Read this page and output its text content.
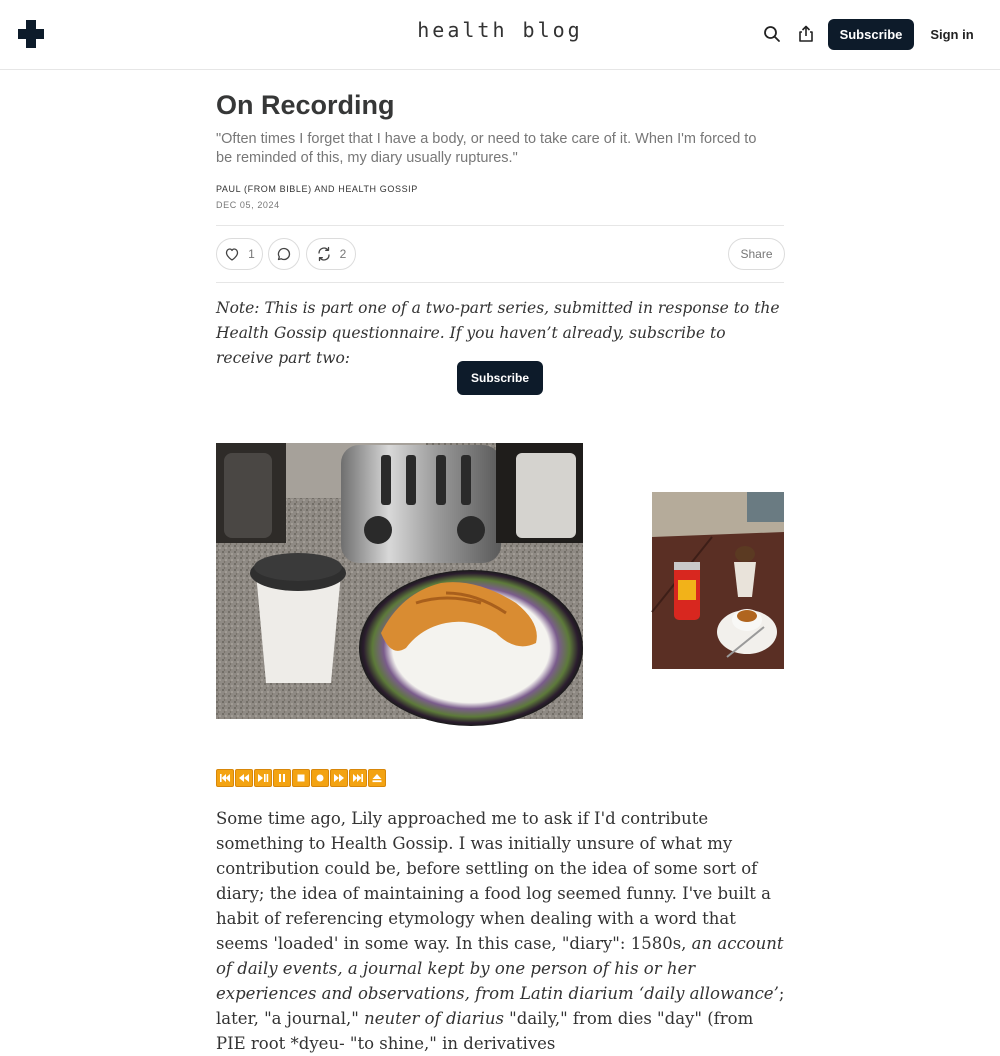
health blog	Subscribe	Sign in
On Recording
"Often times I forget that I have a body, or need to take care of it. When I'm forced to be reminded of this, my diary usually ruptures."
PAUL (FROM BIBLE) AND HEALTH GOSSIP
DEC 05, 2024
1	2	Share
Note: This is part one of a two-part series, submitted in response to the Health Gossip questionnaire. If you haven’t already, subscribe to receive part two:
Subscribe

Some time ago, Lily approached me to ask if I'd contribute something to Health Gossip. I was initially unsure of what my contribution could be, before settling on the idea of some sort of diary; the idea of maintaining a food log seemed funny. I've built a habit of referencing etymology when dealing with a word that seems 'loaded' in some way. In this case, "diary": 1580s, an account of daily events, a journal kept by one person of his or her experiences and observations, from Latin diarium ‘daily allowance’; later, "a journal," neuter of diarius "daily," from dies "day" (from PIE root *dyeu- "to shine," in derivatives
